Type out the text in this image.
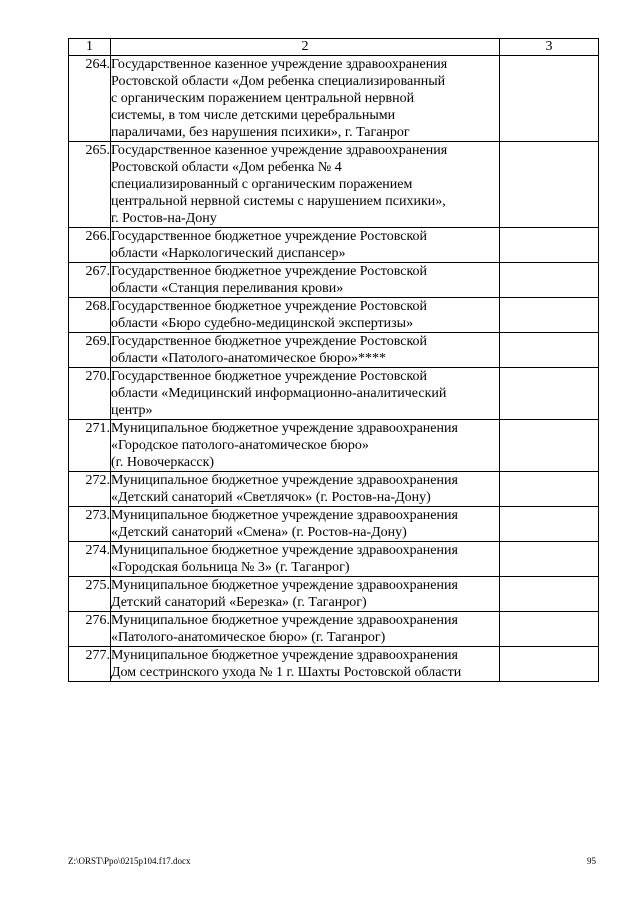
1	2	3
264.	Государственное казенное учреждение здравоохранения
Ростовской области «Дом ребенка специализированный
с органическим поражением центральной нервной
системы, в том числе детскими церебральными
параличами, без нарушения психики», г. Таганрог	
265.	Государственное казенное учреждение здравоохранения
Ростовской области «Дом ребенка № 4
специализированный с органическим поражением
центральной нервной системы с нарушением психики»,
г. Ростов-на-Дону	
266.	Государственное бюджетное учреждение Ростовской
области «Наркологический диспансер»	
267.	Государственное бюджетное учреждение Ростовской
области «Станция переливания крови»	
268.	Государственное бюджетное учреждение Ростовской
области «Бюро судебно-медицинской экспертизы»	
269.	Государственное бюджетное учреждение Ростовской
области «Патолого-анатомическое бюро»****	
270.	Государственное бюджетное учреждение Ростовской
области «Медицинский информационно-аналитический
центр»	
271.	Муниципальное бюджетное учреждение здравоохранения
«Городское патолого-анатомическое бюро»
(г. Новочеркасск)	
272.	Муниципальное бюджетное учреждение здравоохранения
«Детский санаторий «Светлячок» (г. Ростов-на-Дону)	
273.	Муниципальное бюджетное учреждение здравоохранения
«Детский санаторий «Смена» (г. Ростов-на-Дону)	
274.	Муниципальное бюджетное учреждение здравоохранения
«Городская больница № 3» (г. Таганрог)	
275.	Муниципальное бюджетное учреждение здравоохранения
Детский санаторий «Березка» (г. Таганрог)	
276.	Муниципальное бюджетное учреждение здравоохранения
«Патолого-анатомическое бюро» (г. Таганрог)	
277.	Муниципальное бюджетное учреждение здравоохранения
Дом сестринского ухода № 1 г. Шахты Ростовской области	
Z:\ORST\Ppo\0215p104.f17.docx	95
